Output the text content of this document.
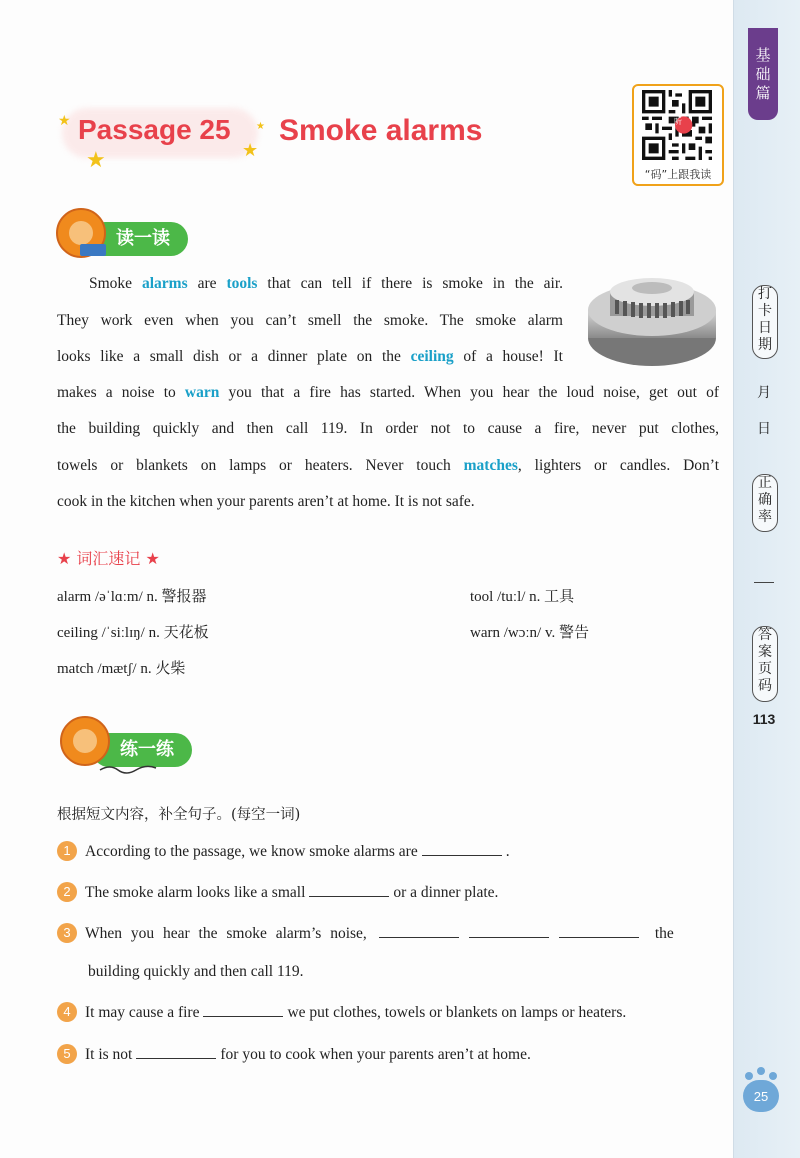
基
础
篇
打
卡
日
期
月
日
正
确
率
答
案
页
码
113
★
★	★
★
Passage 25 Smoke alarms	听
“码”上跟我读
读一读
Smoke alarms are tools that can tell if there is smoke in the air.
They work even when you can’t smell the smoke. The smoke alarm
looks like a small dish or a dinner plate on the ceiling of a house! It
makes a noise to warn you that a fire has started. When you hear the loud noise, get out of
the building quickly and then call 119. In order not to cause a fire, never put clothes,
towels or blankets on lamps or heaters. Never touch matches, lighters or candles. Don’t
cook in the kitchen when your parents aren’t at home. It is not safe.
★ 词汇速记 ★
alarm /əˈlɑːm/ n. 警报器	tool /tuːl/ n. 工具
ceiling /ˈsiːlɪŋ/ n. 天花板	warn /wɔːn/ v. 警告
match /mætʃ/ n. 火柴
练一练
根据短文内容，补全句子。(每空一词)
1 According to the passage, we know smoke alarms are	.
2 The smoke alarm looks like a small	or a dinner plate.
3 When you hear the smoke alarm’s noise,	the
building quickly and then call 119.
4 It may cause a fire	we put clothes, towels or blankets on lamps or heaters.
5 It is not	for you to cook when your parents aren’t at home.
25
